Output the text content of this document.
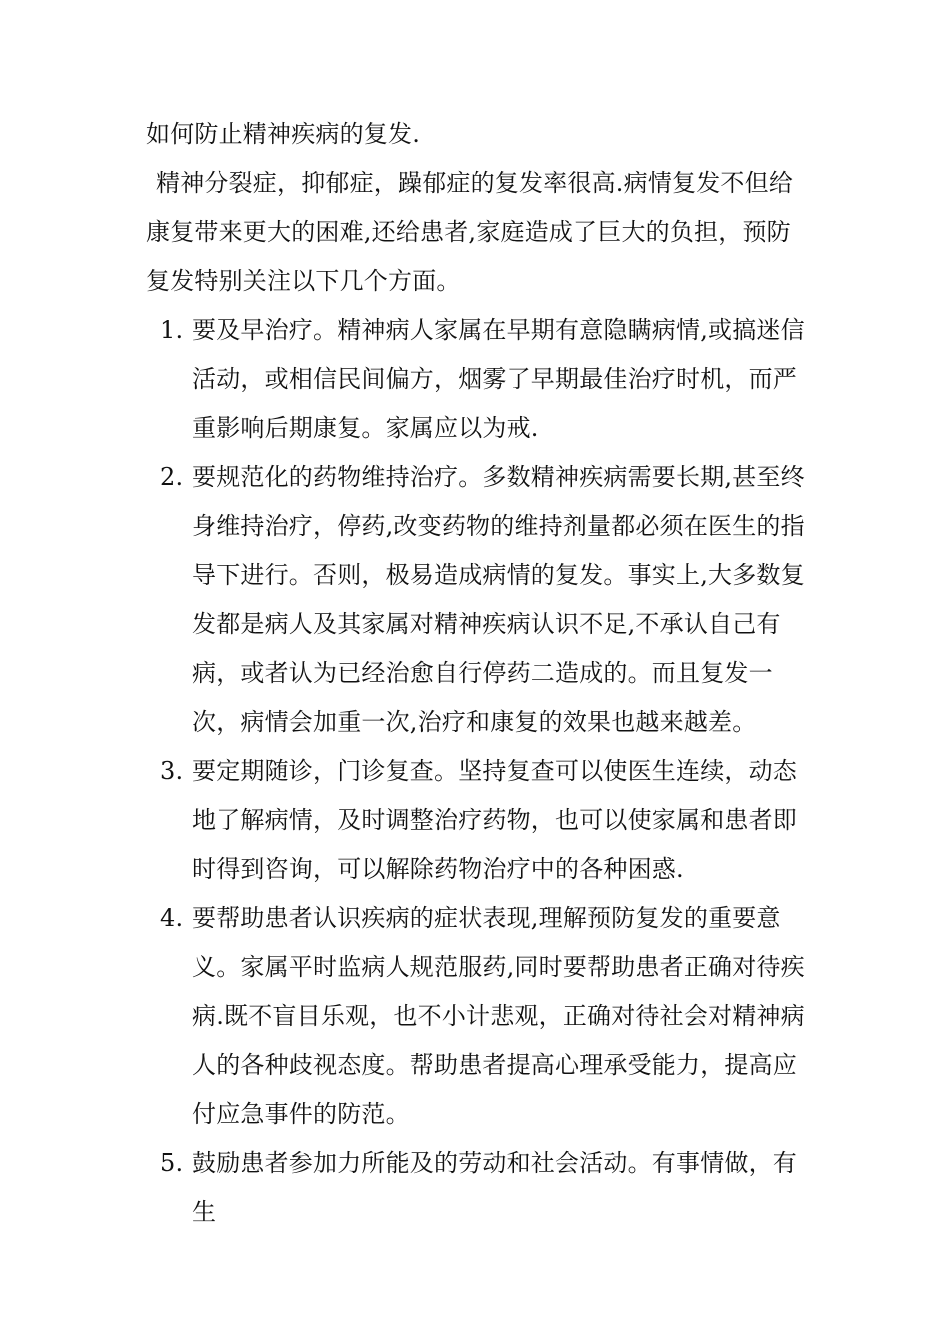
如何防止精神疾病的复发.

精神分裂症，抑郁症，躁郁症的复发率很高.病情复发不但给康复带来更大的困难,还给患者,家庭造成了巨大的负担，预防复发特别关注以下几个方面。

1. 要及早治疗。精神病人家属在早期有意隐瞒病情,或搞迷信活动，或相信民间偏方，烟雾了早期最佳治疗时机，而严重影响后期康复。家属应以为戒.
2. 要规范化的药物维持治疗。多数精神疾病需要长期,甚至终身维持治疗，停药,改变药物的维持剂量都必须在医生的指导下进行。否则，极易造成病情的复发。事实上,大多数复发都是病人及其家属对精神疾病认识不足,不承认自己有病，或者认为已经治愈自行停药二造成的。而且复发一次，病情会加重一次,治疗和康复的效果也越来越差。
3. 要定期随诊，门诊复查。坚持复查可以使医生连续，动态地了解病情，及时调整治疗药物，也可以使家属和患者即时得到咨询，可以解除药物治疗中的各种困惑.
4. 要帮助患者认识疾病的症状表现,理解预防复发的重要意义。家属平时监病人规范服药,同时要帮助患者正确对待疾病.既不盲目乐观，也不小计悲观，正确对待社会对精神病人的各种歧视态度。帮助患者提高心理承受能力，提高应付应急事件的防范。
5. 鼓励患者参加力所能及的劳动和社会活动。有事情做，有生
